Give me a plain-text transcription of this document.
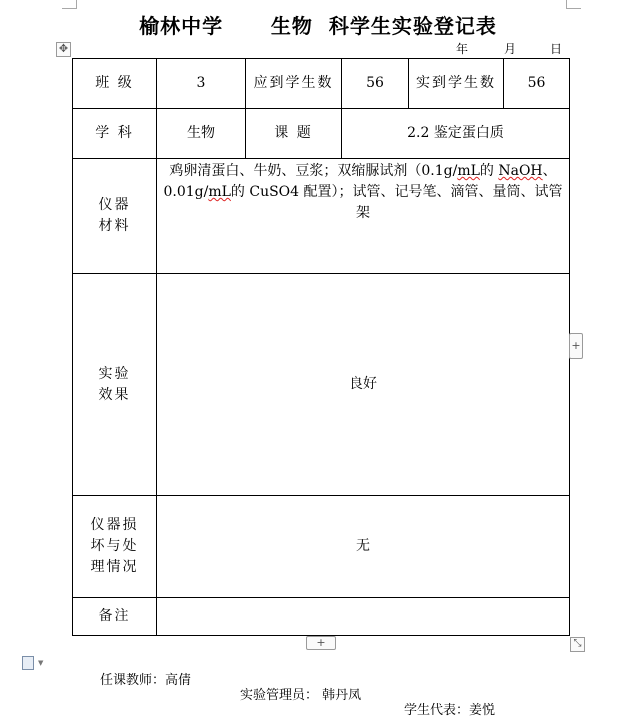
榆林中学      生物  科学生实验登记表
年	月	日
✥
班 级	3	应到学生数	56	实到学生数	56
学 科	生物	课 题	2.2 鉴定蛋白质		
仪器材料	鸡卵清蛋白、牛奶、豆浆；双缩脲试剂（0.1g/mL的 NaOH、0.01g/mL的 CuSO4 配置）；试管、记号笔、滴管、量筒、试管架				
实验效果	良好				
仪器损坏与处理情况	无				
备注					
+
+	⤡
▼

任课教师：高倩

实验管理员： 韩丹凤

学生代表：姜悦
